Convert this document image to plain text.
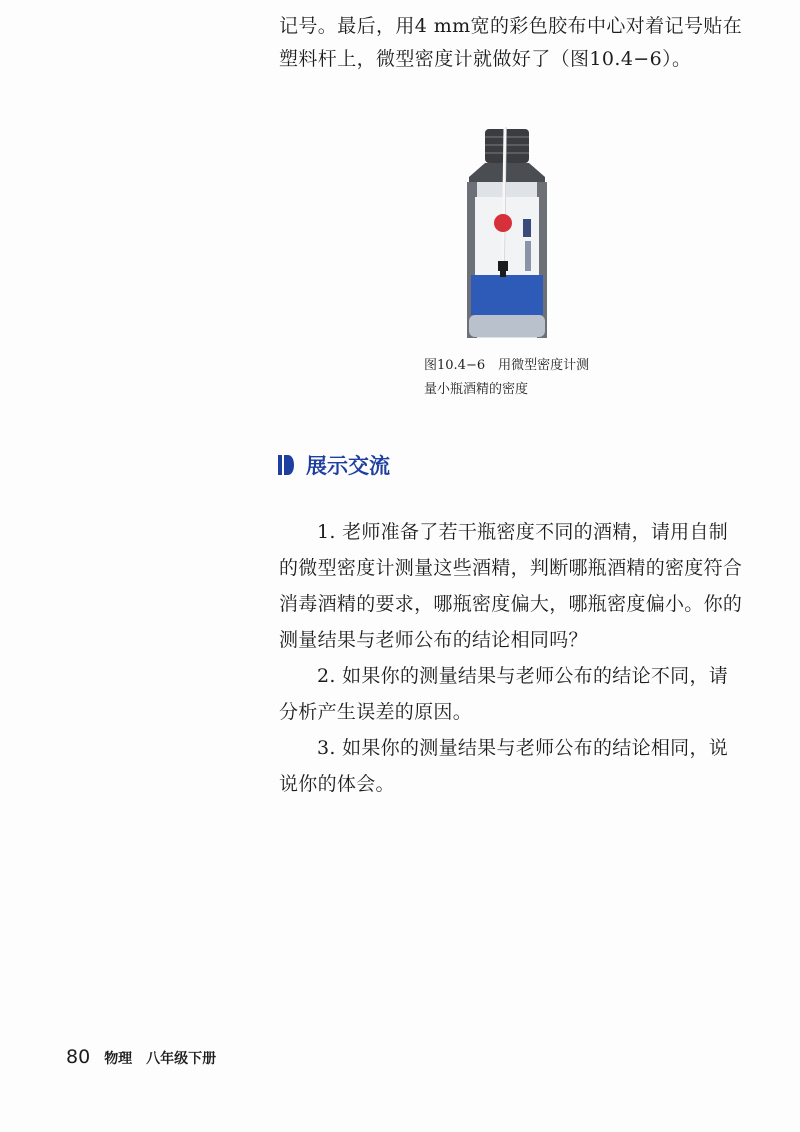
记号。最后，用4 mm宽的彩色胶布中心对着记号贴在
塑料杆上，微型密度计就做好了（图10.4−6）。
图10.4−6　用微型密度计测
量小瓶酒精的密度
展示交流
1. 老师准备了若干瓶密度不同的酒精，请用自制
的微型密度计测量这些酒精，判断哪瓶酒精的密度符合
消毒酒精的要求，哪瓶密度偏大，哪瓶密度偏小。你的
测量结果与老师公布的结论相同吗？
2. 如果你的测量结果与老师公布的结论不同，请
分析产生误差的原因。
3. 如果你的测量结果与老师公布的结论相同，说
说你的体会。
80 物理　八年级下册
